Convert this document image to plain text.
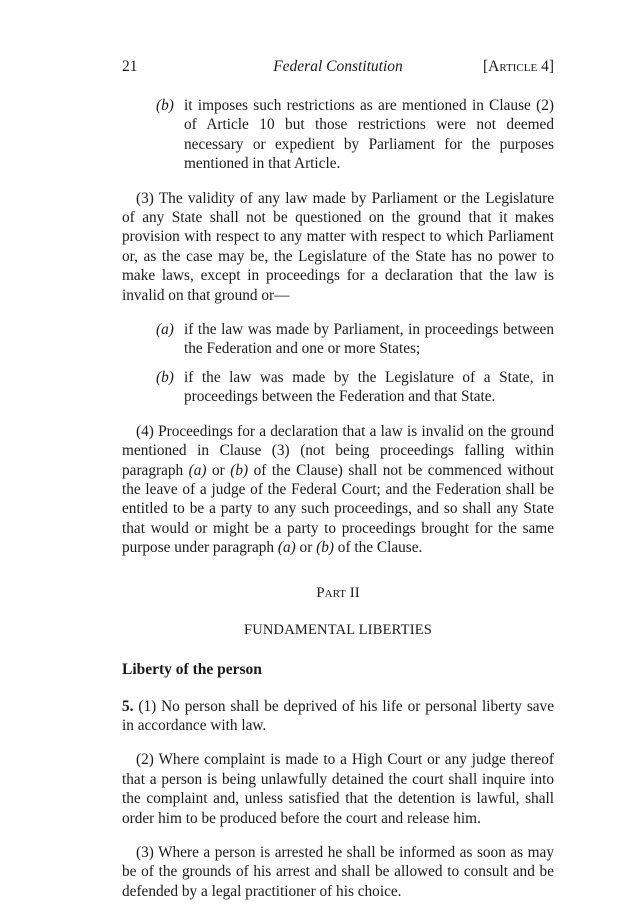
21	Federal Constitution	[Article 4]

(b) it imposes such restrictions as are mentioned in Clause (2) of Article 10 but those restrictions were not deemed necessary or expedient by Parliament for the purposes mentioned in that Article.

(3) The validity of any law made by Parliament or the Legislature of any State shall not be questioned on the ground that it makes provision with respect to any matter with respect to which Parliament or, as the case may be, the Legislature of the State has no power to make laws, except in proceedings for a declaration that the law is invalid on that ground or—

(a) if the law was made by Parliament, in proceedings between the Federation and one or more States;

(b) if the law was made by the Legislature of a State, in proceedings between the Federation and that State.

(4) Proceedings for a declaration that a law is invalid on the ground mentioned in Clause (3) (not being proceedings falling within paragraph (a) or (b) of the Clause) shall not be commenced without the leave of a judge of the Federal Court; and the Federation shall be entitled to be a party to any such proceedings, and so shall any State that would or might be a party to proceedings brought for the same purpose under paragraph (a) or (b) of the Clause.

Part II
FUNDAMENTAL LIBERTIES
Liberty of the person

5. (1) No person shall be deprived of his life or personal liberty save in accordance with law.

(2) Where complaint is made to a High Court or any judge thereof that a person is being unlawfully detained the court shall inquire into the complaint and, unless satisfied that the detention is lawful, shall order him to be produced before the court and release him.

(3) Where a person is arrested he shall be informed as soon as may be of the grounds of his arrest and shall be allowed to consult and be defended by a legal practitioner of his choice.
